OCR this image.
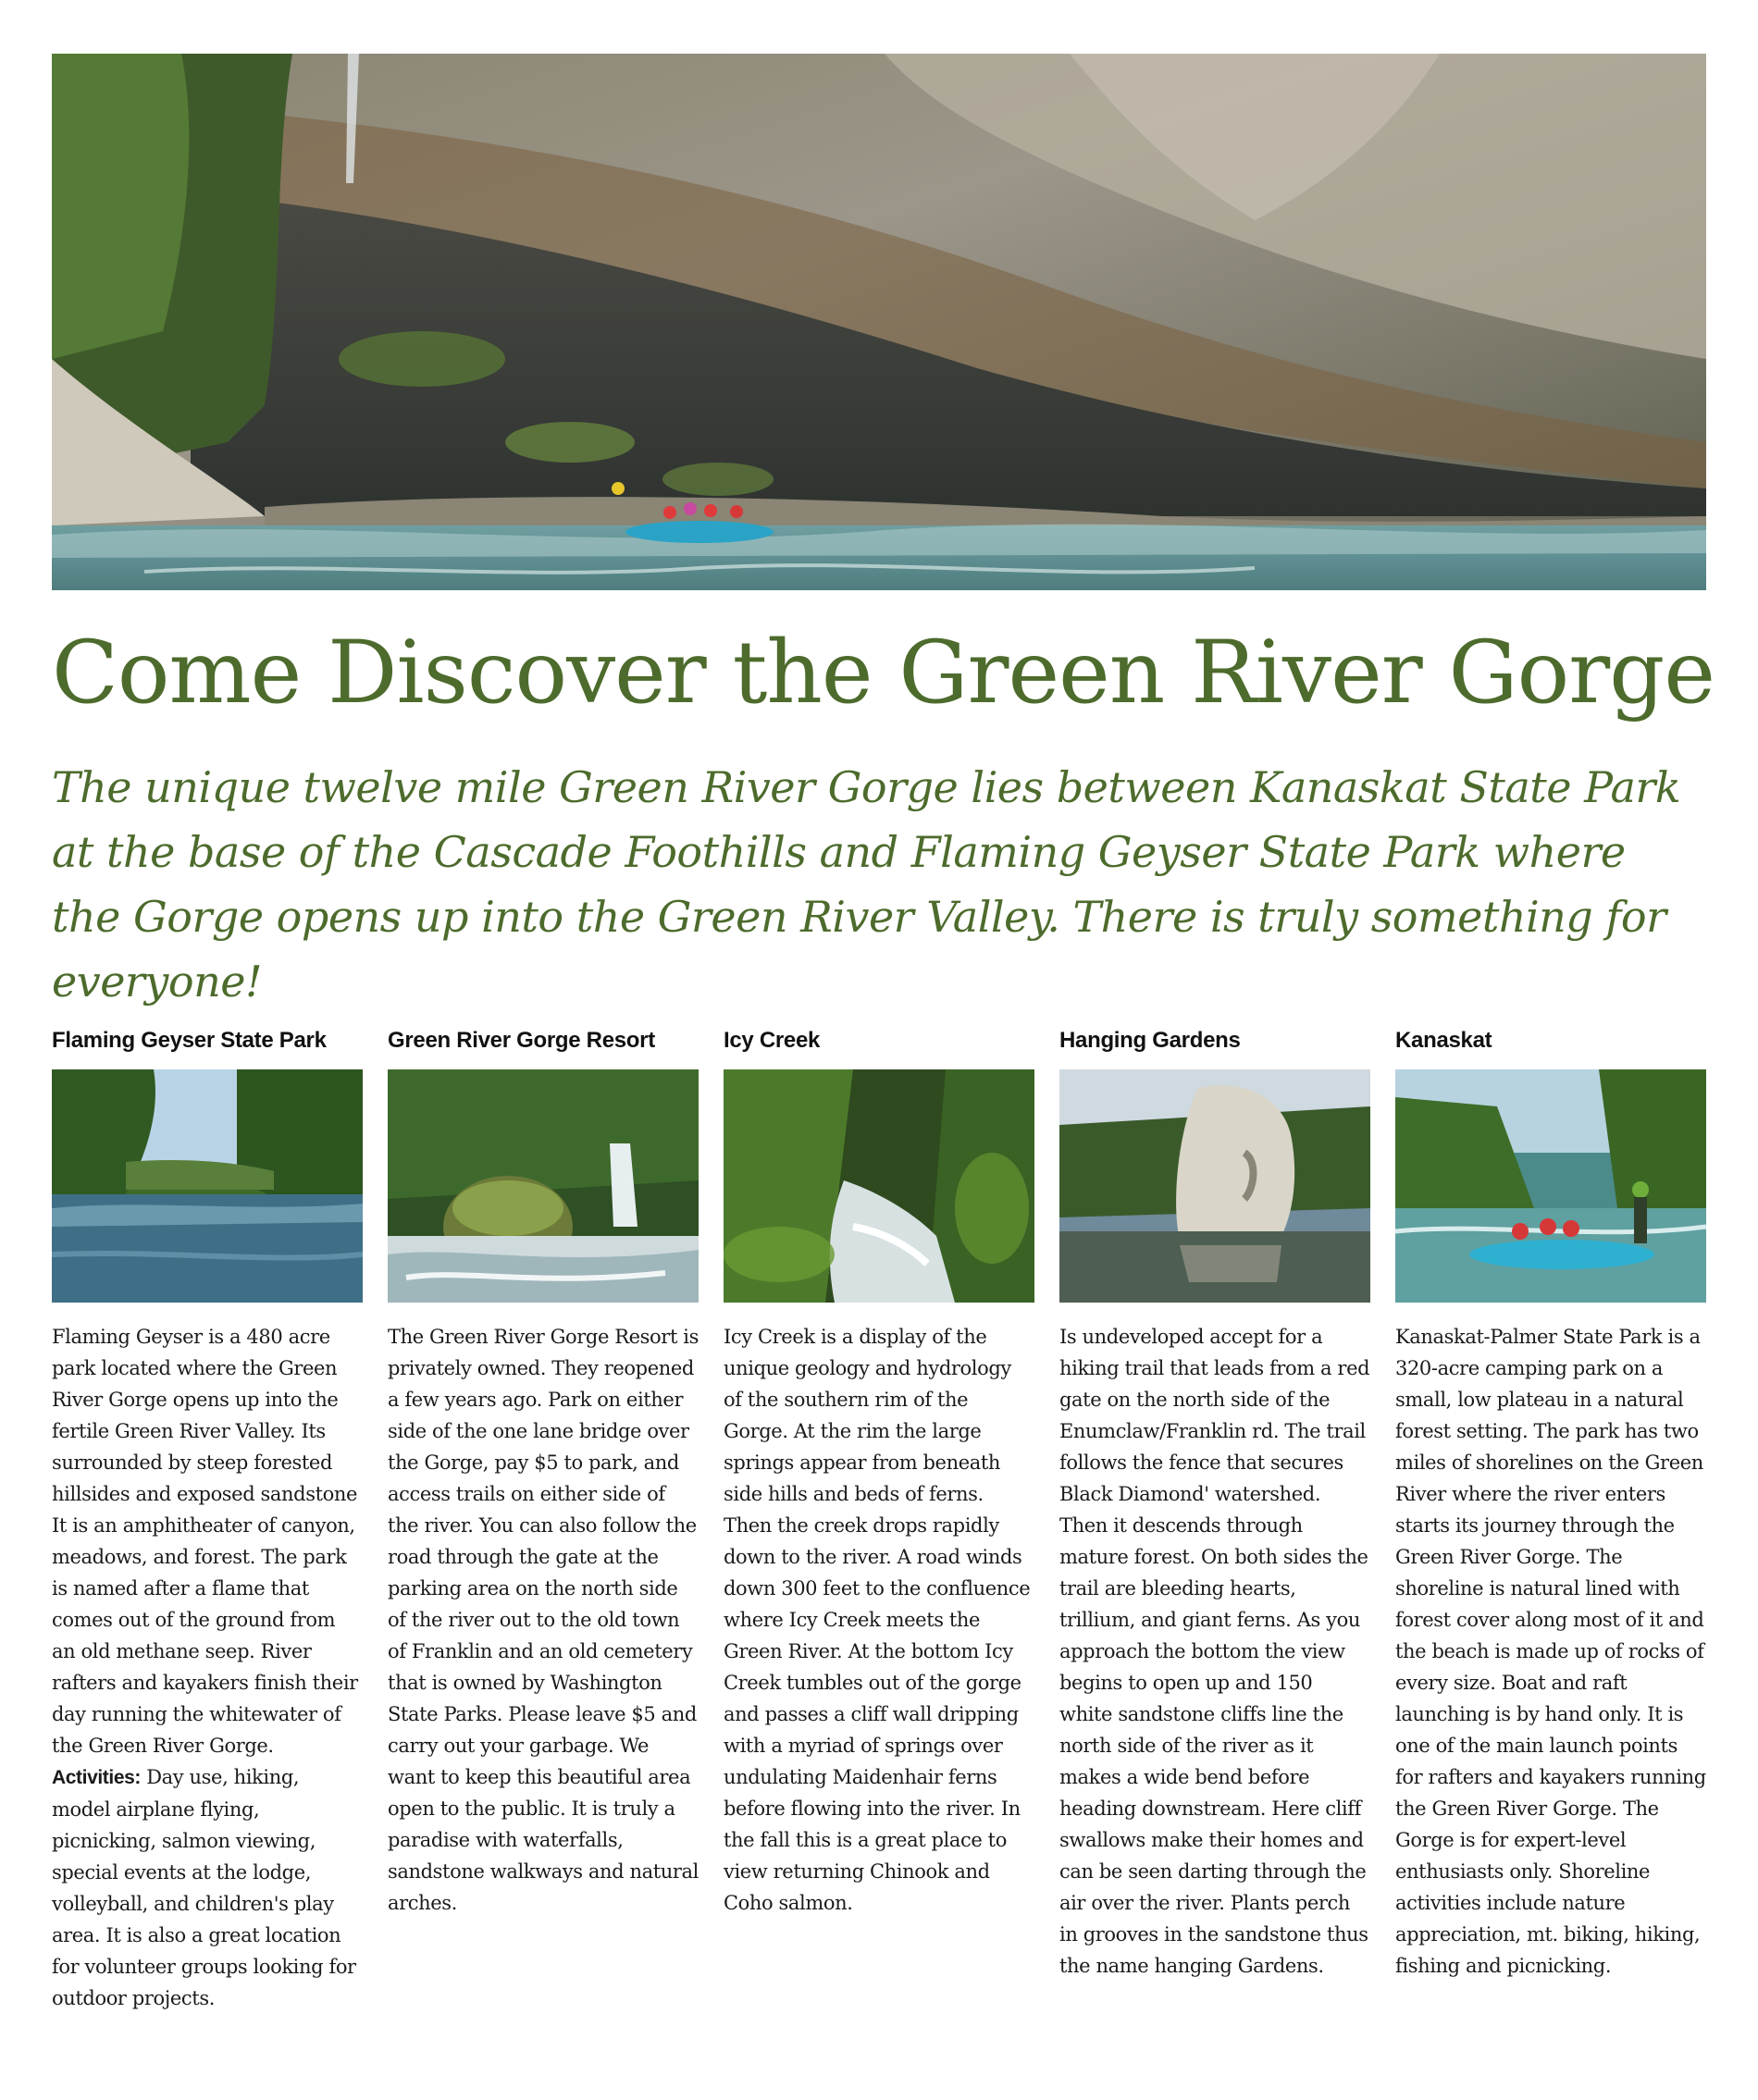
Come Discover the Green River Gorge

The unique twelve mile Green River Gorge lies between Kanaskat State Park at the base of the Cascade Foothills and Flaming Geyser State Park where the Gorge opens up into the Green River Valley. There is truly something for everyone!

Flaming Geyser State Park

Flaming Geyser is a 480 acre park located where the Green River Gorge opens up into the fertile Green River Valley. Its surrounded by steep forested hillsides and exposed sandstone It is an amphitheater of canyon, meadows, and forest. The park is named after a flame that comes out of the ground from an old methane seep. River rafters and kayakers finish their day running the whitewater of the Green River Gorge. Activities: Day use, hiking, model airplane flying, picnicking, salmon viewing, special events at the lodge, volleyball, and children's play area. It is also a great location for volunteer groups looking for outdoor projects.

Green River Gorge Resort

The Green River Gorge Resort is privately owned. They reopened a few years ago. Park on either side of the one lane bridge over the Gorge, pay $5 to park, and access trails on either side of the river. You can also follow the road through the gate at the parking area on the north side of the river out to the old town of Franklin and an old cemetery that is owned by Washington State Parks. Please leave $5 and carry out your garbage. We want to keep this beautiful area open to the public. It is truly a paradise with waterfalls, sandstone walkways and natural arches.

Icy Creek

Icy Creek is a display of the unique geology and hydrology of the southern rim of the Gorge. At the rim the large springs appear from beneath side hills and beds of ferns. Then the creek drops rapidly down to the river. A road winds down 300 feet to the confluence where Icy Creek meets the Green River. At the bottom Icy Creek tumbles out of the gorge and passes a cliff wall dripping with a myriad of springs over undulating Maidenhair ferns before flowing into the river. In the fall this is a great place to view returning Chinook and Coho salmon.

Hanging Gardens

Is undeveloped accept for a hiking trail that leads from a red gate on the north side of the Enumclaw/Franklin rd. The trail follows the fence that secures Black Diamond' watershed. Then it descends through mature forest. On both sides the trail are bleeding hearts, trillium, and giant ferns. As you approach the bottom the view begins to open up and 150 white sandstone cliffs line the north side of the river as it makes a wide bend before heading downstream. Here cliff swallows make their homes and can be seen darting through the air over the river. Plants perch in grooves in the sandstone thus the name hanging Gardens.

Kanaskat

Kanaskat-Palmer State Park is a 320-acre camping park on a small, low plateau in a natural forest setting. The park has two miles of shorelines on the Green River where the river enters starts its journey through the Green River Gorge. The shoreline is natural lined with forest cover along most of it and the beach is made up of rocks of every size. Boat and raft launching is by hand only. It is one of the main launch points for rafters and kayakers running the Green River Gorge. The Gorge is for expert-level enthusiasts only. Shoreline activities include nature appreciation, mt. biking, hiking, fishing and picnicking.
